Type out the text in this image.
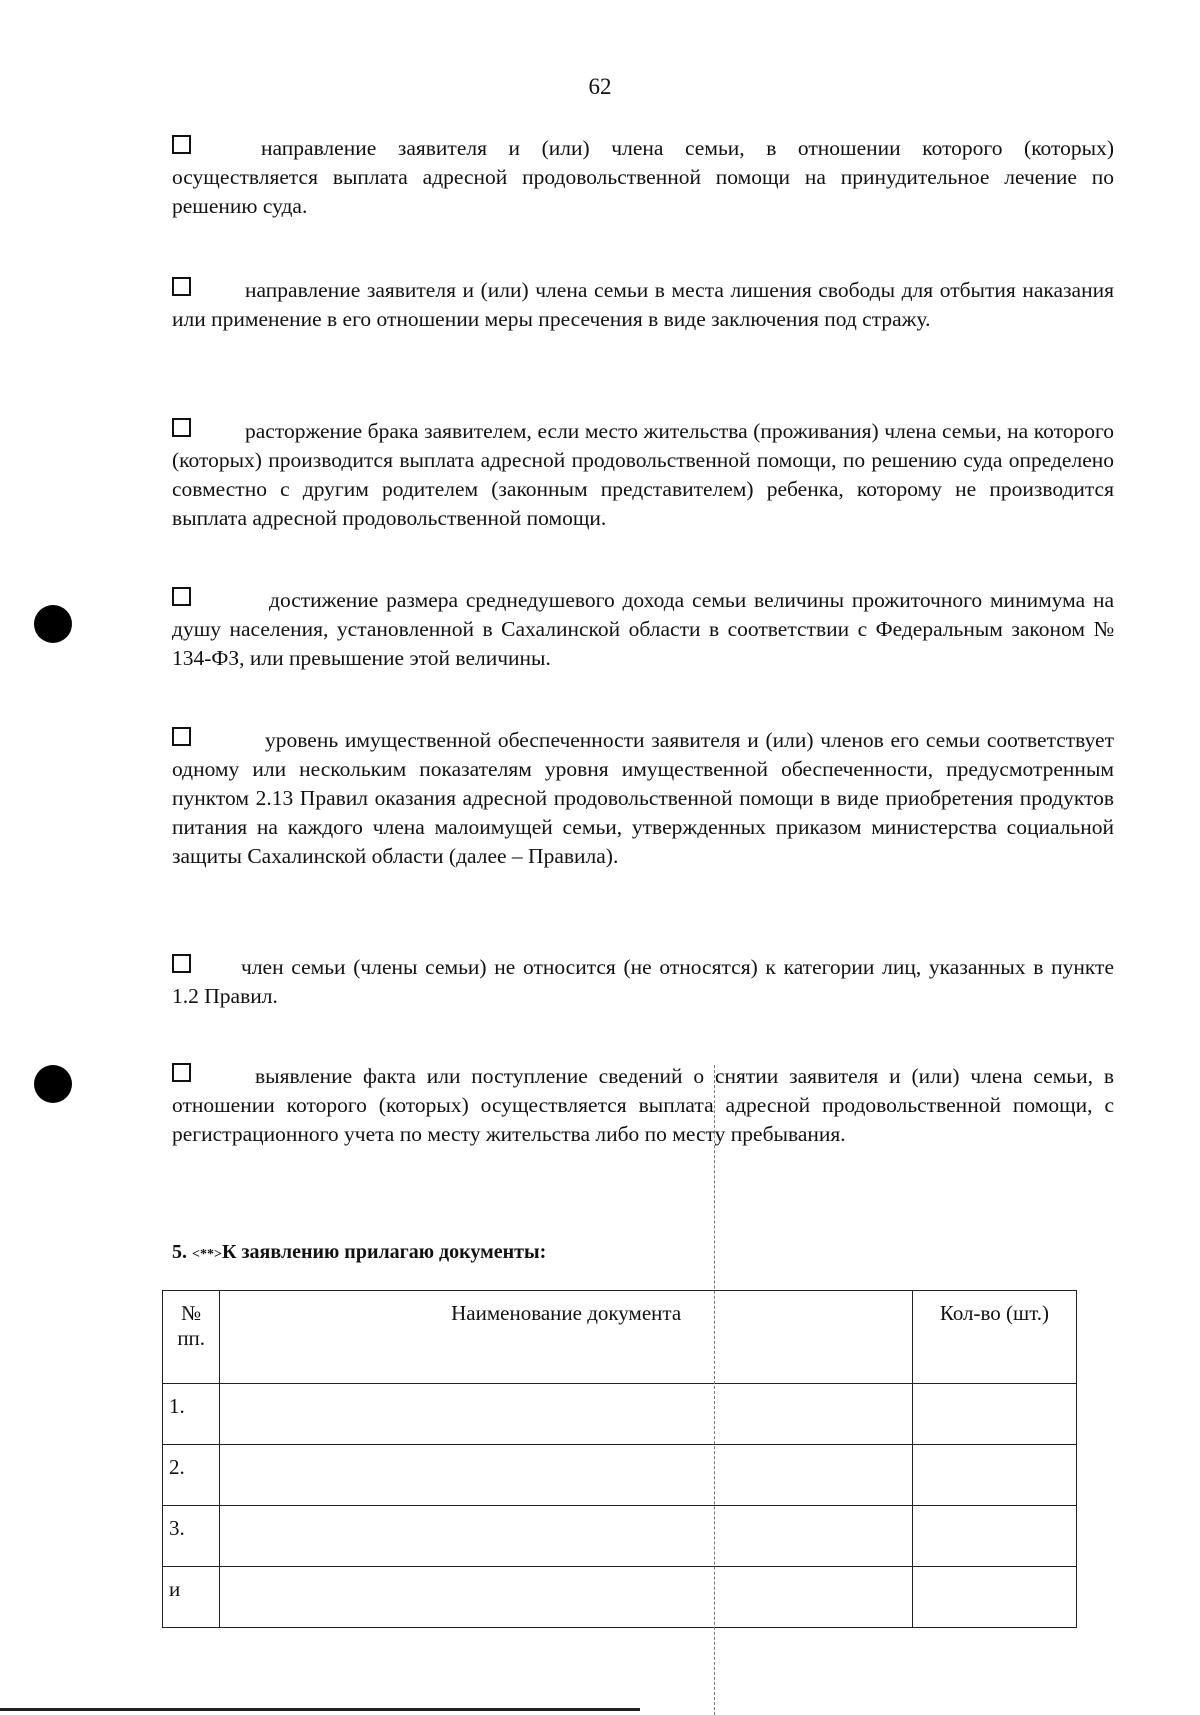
62
направление заявителя и (или) члена семьи, в отношении которого (которых) осуществляется выплата адресной продовольственной помощи на принудительное лечение по решению суда.
направление заявителя и (или) члена семьи в места лишения свободы для отбытия наказания или применение в его отношении меры пресечения в виде заключения под стражу.
расторжение брака заявителем, если место жительства (проживания) члена семьи, на которого (которых) производится выплата адресной продовольственной помощи, по решению суда определено совместно с другим родителем (законным представителем) ребенка, которому не производится выплата адресной продовольственной помощи.
достижение размера среднедушевого дохода семьи величины прожиточного минимума на душу населения, установленной в Сахалинской области в соответствии с Федеральным законом № 134-ФЗ, или превышение этой величины.
уровень имущественной обеспеченности заявителя и (или) членов его семьи соответствует одному или нескольким показателям уровня имущественной обеспеченности, предусмотренным пунктом 2.13 Правил оказания адресной продовольственной помощи в виде приобретения продуктов питания на каждого члена малоимущей семьи, утвержденных приказом министерства социальной защиты Сахалинской области (далее – Правила).
член семьи (члены семьи) не относится (не относятся) к категории лиц, указанных в пункте 1.2 Правил.
выявление факта или поступление сведений о снятии заявителя и (или) члена семьи, в отношении которого (которых) осуществляется выплата адресной продовольственной помощи, с регистрационного учета по месту жительства либо по месту пребывания.
5. <**>К заявлению прилагаю документы:
№
пп.	Наименование документа	Кол-во (шт.)
1.		
2.		
3.		
и		
